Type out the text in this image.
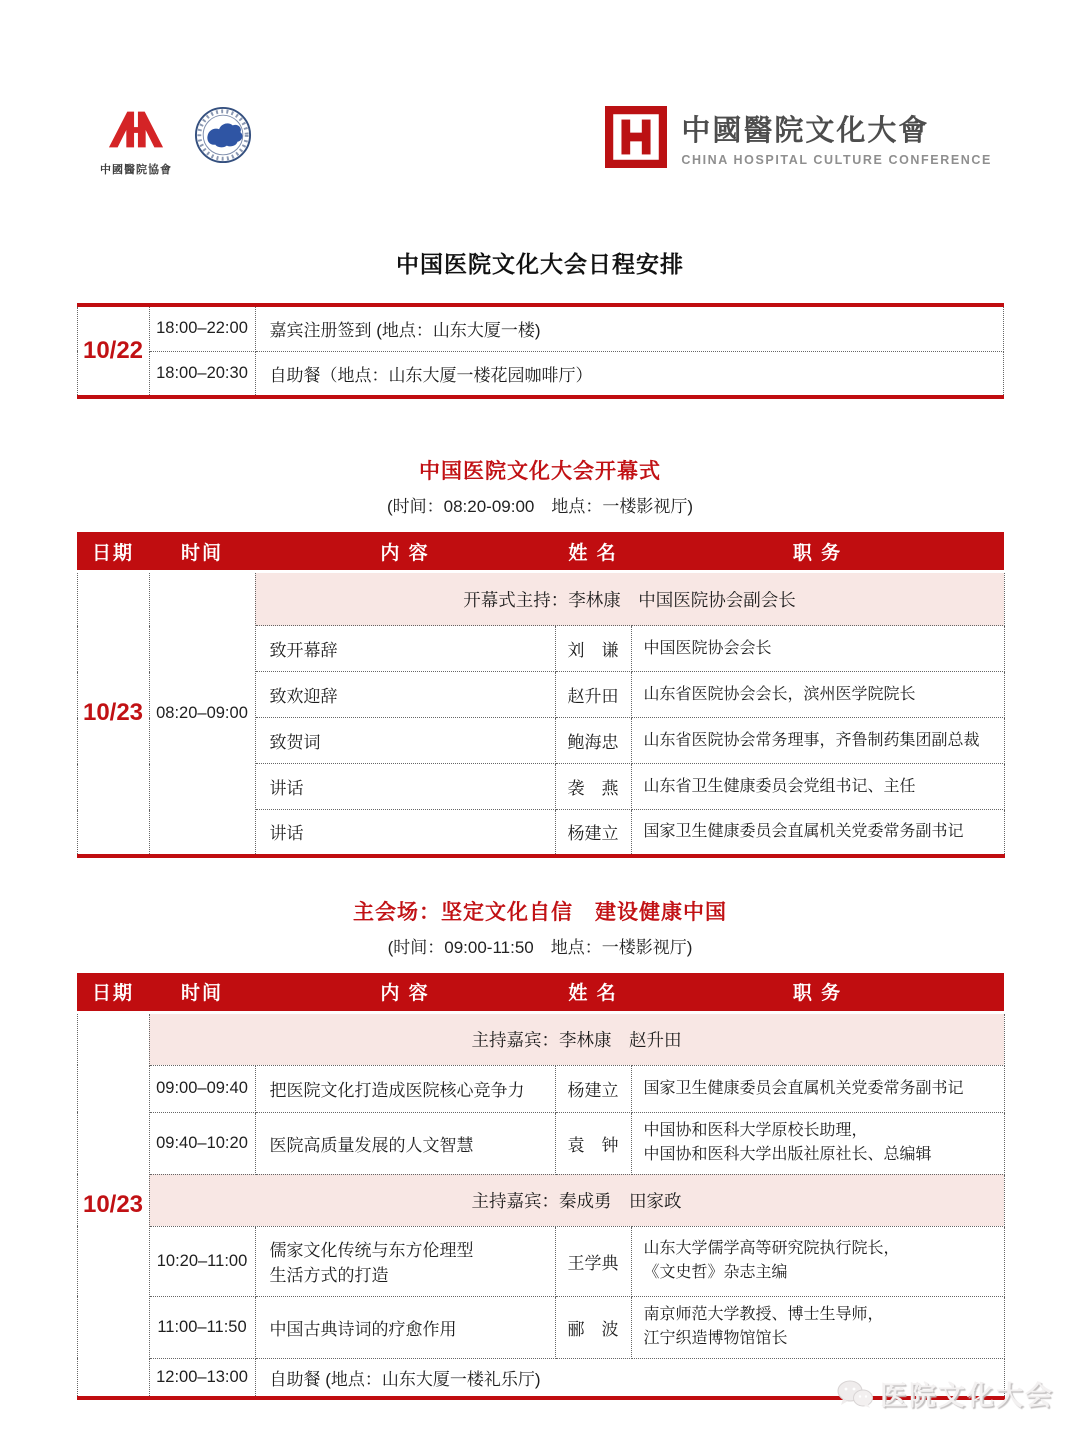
中國醫院協會
中國醫院文化大會
CHINA HOSPITAL CULTURE CONFERENCE
中国医院文化大会日程安排
10/22	18:00–22:00	嘉宾注册签到 (地点：山东大厦一楼)
	18:00–20:30	自助餐（地点：山东大厦一楼花园咖啡厅）
中国医院文化大会开幕式
(时间：08:20-09:00　地点：一楼影视厅)
日期	时间	内 容	姓 名	职 务
10/23	08:20–09:00	开幕式主持：李林康　中国医院协会副会长		
		致开幕辞	刘　谦	中国医院协会会长
		致欢迎辞	赵升田	山东省医院协会会长，滨州医学院院长
		致贺词	鲍海忠	山东省医院协会常务理事，齐鲁制药集团副总裁
		讲话	袭　燕	山东省卫生健康委员会党组书记、主任
		讲话	杨建立	国家卫生健康委员会直属机关党委常务副书记
主会场：坚定文化自信　建设健康中国
(时间：09:00-11:50　地点：一楼影视厅)
日期	时间	内 容	姓 名	职 务
10/23	主持嘉宾：李林康　赵升田			
	09:00–09:40	把医院文化打造成医院核心竞争力	杨建立	国家卫生健康委员会直属机关党委常务副书记
	09:40–10:20	医院高质量发展的人文智慧	袁　钟	中国协和医科大学原校长助理，
中国协和医科大学出版社原社长、总编辑
	主持嘉宾：秦成勇　田家政			
	10:20–11:00	儒家文化传统与东方伦理型
生活方式的打造	王学典	山东大学儒学高等研究院执行院长，
《文史哲》杂志主编
	11:00–11:50	中国古典诗词的疗愈作用	郦　波	南京师范大学教授、博士生导师，
江宁织造博物馆馆长
	12:00–13:00	自助餐 (地点：山东大厦一楼礼乐厅)		
医院文化大会
